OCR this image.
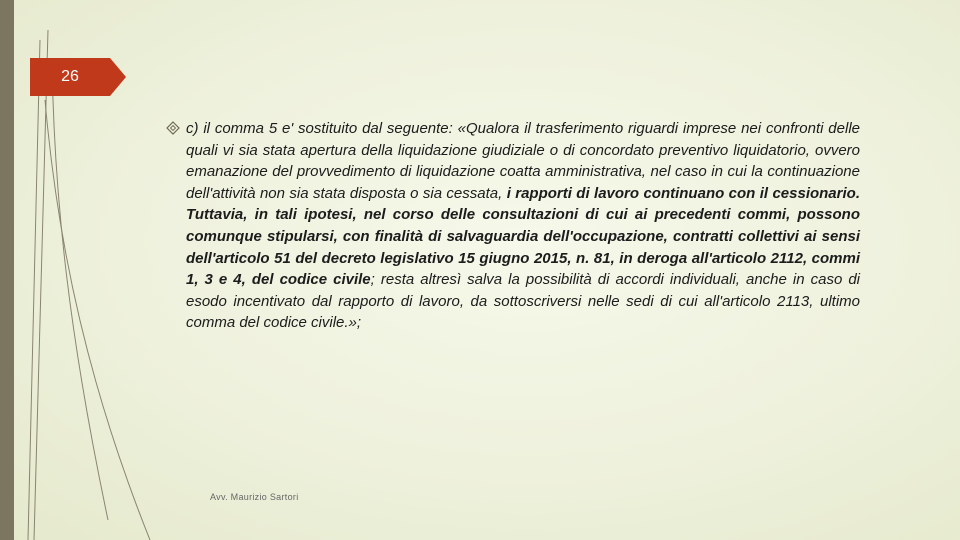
26

c) il comma 5 e' sostituito dal seguente: «Qualora il trasferimento riguardi imprese nei confronti delle quali vi sia stata apertura della liquidazione giudiziale o di concordato preventivo liquidatorio, ovvero emanazione del provvedimento di liquidazione coatta amministrativa, nel caso in cui la continuazione dell'attività non sia stata disposta o sia cessata, i rapporti di lavoro continuano con il cessionario. Tuttavia, in tali ipotesi, nel corso delle consultazioni di cui ai precedenti commi, possono comunque stipularsi, con finalità di salvaguardia dell'occupazione, contratti collettivi ai sensi dell'articolo 51 del decreto legislativo 15 giugno 2015, n. 81, in deroga all'articolo 2112, commi 1, 3 e 4, del codice civile; resta altresì salva la possibilità di accordi individuali, anche in caso di esodo incentivato dal rapporto di lavoro, da sottoscriversi nelle sedi di cui all'articolo 2113, ultimo comma del codice civile.»;

Avv. Maurizio Sartori
